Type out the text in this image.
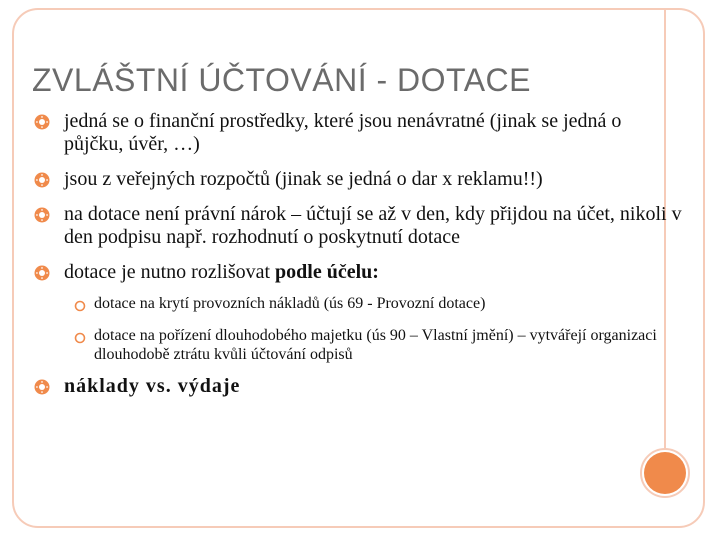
ZVLÁŠTNÍ ÚČTOVÁNÍ - DOTACE
jedná se o finanční prostředky, které jsou nenávratné (jinak se jedná o půjčku, úvěr, …)
jsou z veřejných rozpočtů (jinak se jedná o dar x reklamu!!)
na dotace není právní nárok – účtují se až v den, kdy přijdou na účet, nikoli v den podpisu např. rozhodnutí o poskytnutí dotace
dotace je nutno rozlišovat podle účelu:
dotace na krytí provozních nákladů (ús 69 - Provozní dotace)
dotace na pořízení dlouhodobého majetku (ús 90 – Vlastní jmění) – vytvářejí organizaci dlouhodobě ztrátu kvůli účtování odpisů
náklady vs. výdaje
